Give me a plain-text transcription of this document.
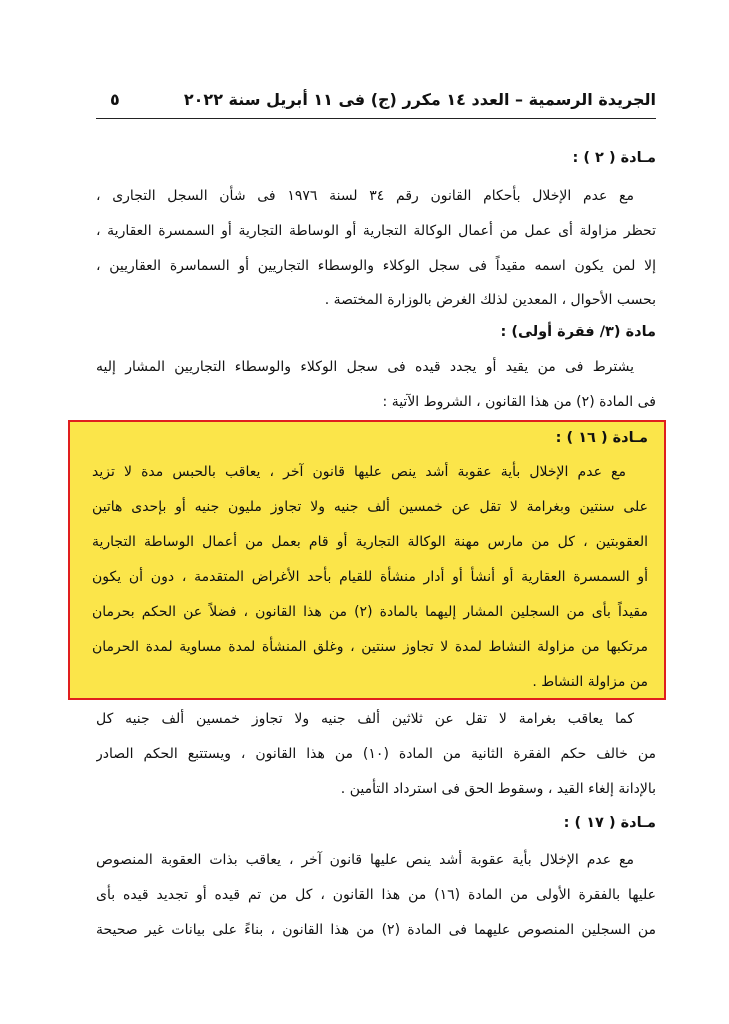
الجريدة الرسمية – العدد ١٤ مكرر (ج) فى ١١ أبريل سنة ٢٠٢٢
٥
مـادة ( ٢ ) :
مع عدم الإخلال بأحكام القانون رقم ٣٤ لسنة ١٩٧٦ فى شأن السجل التجارى ،
تحظر مزاولة أى عمل من أعمال الوكالة التجارية أو الوساطة التجارية أو السمسرة العقارية ،
إلا لمن يكون اسمه مقيداً فى سجل الوكلاء والوسطاء التجاريين أو السماسرة العقاريين ،
بحسب الأحوال ، المعدين لذلك الغرض بالوزارة المختصة .
مادة (٣/ فقرة أولى) :
يشترط فى من يقيد أو يجدد قيده فى سجل الوكلاء والوسطاء التجاريين المشار إليه
فى المادة (٢) من هذا القانون ، الشروط الآتية :
مـادة ( ١٦ ) :
مع عدم الإخلال بأية عقوبة أشد ينص عليها قانون آخر ، يعاقب بالحبس مدة لا تزيد
على سنتين وبغرامة لا تقل عن خمسين ألف جنيه ولا تجاوز مليون جنيه أو بإحدى هاتين
العقوبتين ، كل من مارس مهنة الوكالة التجارية أو قام بعمل من أعمال الوساطة التجارية
أو السمسرة العقارية أو أنشأ أو أدار منشأة للقيام بأحد الأغراض المتقدمة ، دون أن يكون
مقيداً بأى من السجلين المشار إليهما بالمادة (٢) من هذا القانون ، فضلاً عن الحكم بحرمان
مرتكبها من مزاولة النشاط لمدة لا تجاوز سنتين ، وغلق المنشأة لمدة مساوية لمدة الحرمان
من مزاولة النشاط .
كما يعاقب بغرامة لا تقل عن ثلاثين ألف جنيه ولا تجاوز خمسين ألف جنيه كل
من خالف حكم الفقرة الثانية من المادة (١٠) من هذا القانون ، ويستتبع الحكم الصادر
بالإدانة إلغاء القيد ، وسقوط الحق فى استرداد التأمين .
مـادة ( ١٧ ) :
مع عدم الإخلال بأية عقوبة أشد ينص عليها قانون آخر ، يعاقب بذات العقوبة المنصوص
عليها بالفقرة الأولى من المادة (١٦) من هذا القانون ، كل من تم قيده أو تجديد قيده بأى
من السجلين المنصوص عليهما فى المادة (٢) من هذا القانون ، بناءً على بيانات غير صحيحة
